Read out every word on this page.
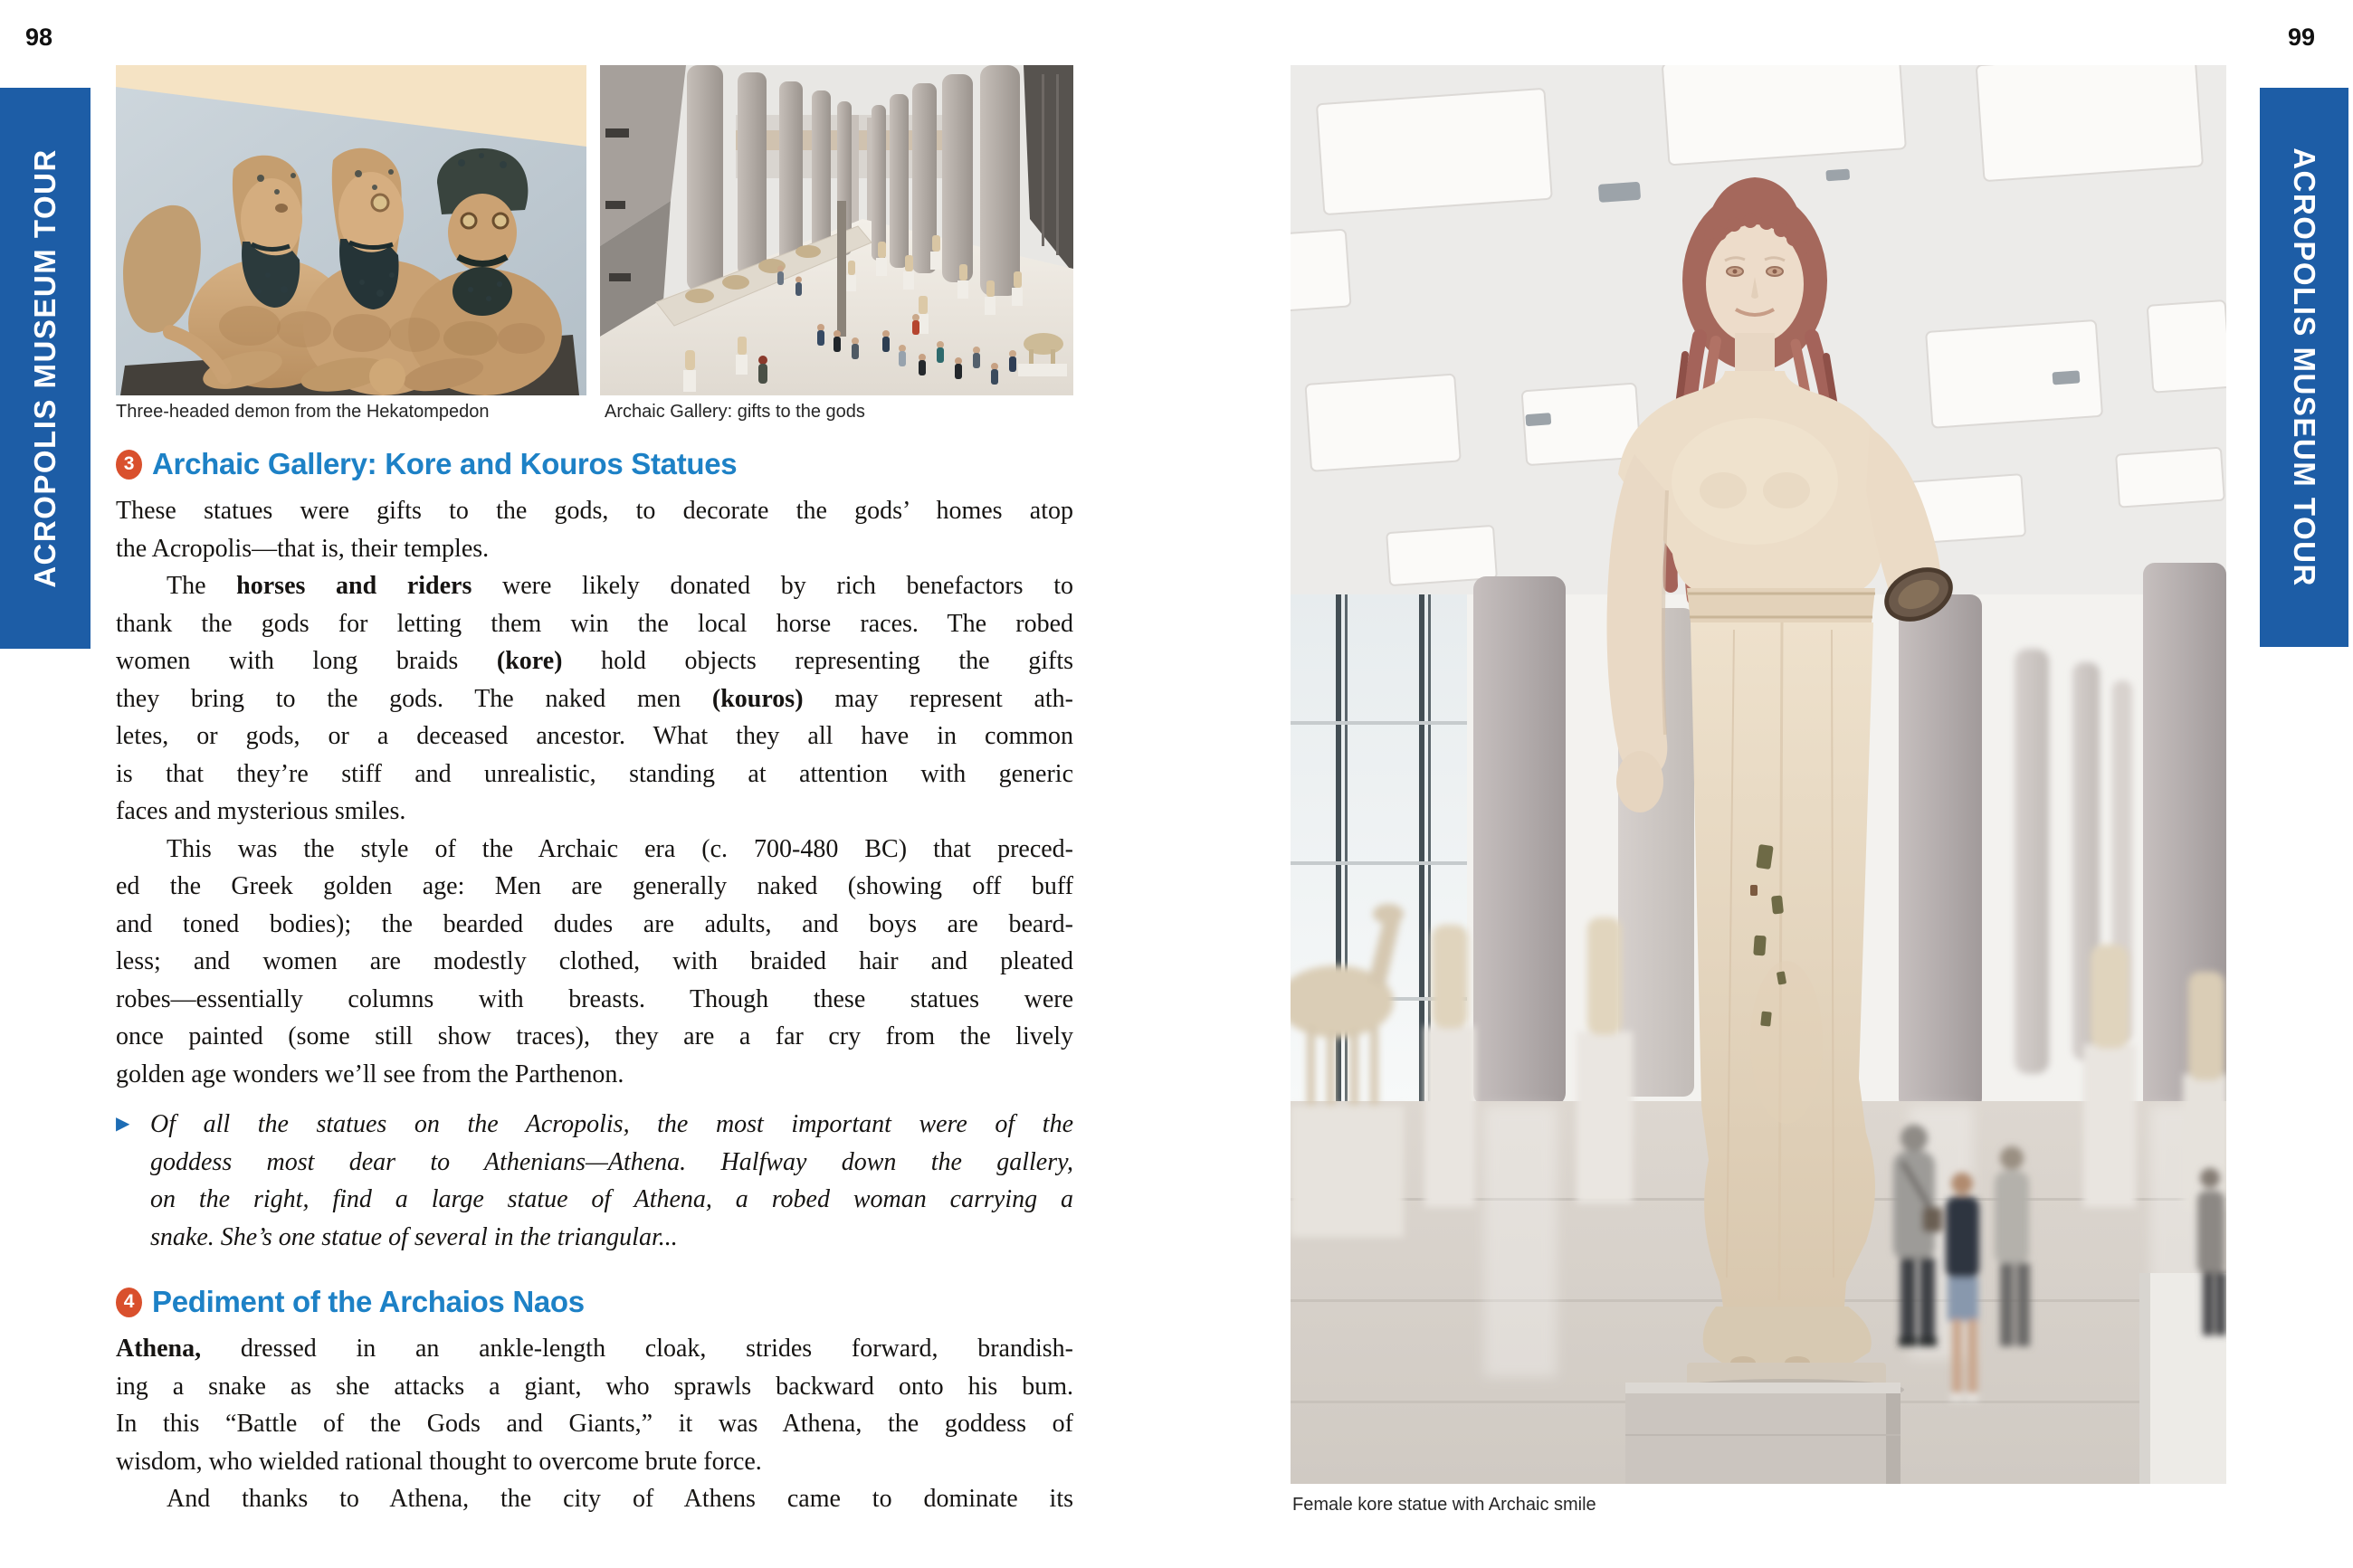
98	99
ACROPOLIS MUSEUM TOUR	ACROPOLIS MUSEUM TOUR
Three-headed demon from the Hekatompedon	Archaic Gallery: gifts to the gods
3 Archaic Gallery: Kore and Kouros Statues
These statues were gifts to the gods, to decorate the gods’ homes atop
the Acropolis—that is, their temples.
The horses and riders were likely donated by rich benefactors to
thank the gods for letting them win the local horse races. The robed
women with long braids (kore) hold objects representing the gifts
they bring to the gods. The naked men (kouros) may represent ath-
letes, or gods, or a deceased ancestor. What they all have in common
is that they’re stiff and unrealistic, standing at attention with generic
faces and mysterious smiles.
This was the style of the Archaic era (c. 700-480 BC) that preced-
ed the Greek golden age: Men are generally naked (showing off buff
and toned bodies); the bearded dudes are adults, and boys are beard-
less; and women are modestly clothed, with braided hair and pleated
robes—essentially columns with breasts. Though these statues were
once painted (some still show traces), they are a far cry from the lively
golden age wonders we’ll see from the Parthenon.
▶ Of all the statues on the Acropolis, the most important were of the
goddess most dear to Athenians—Athena. Halfway down the gallery,
on the right, find a large statue of Athena, a robed woman carrying a
snake. She’s one statue of several in the triangular...
4 Pediment of the Archaios Naos
Athena, dressed in an ankle-length cloak, strides forward, brandish-
ing a snake as she attacks a giant, who sprawls backward onto his bum.
In this “Battle of the Gods and Giants,” it was Athena, the goddess of
wisdom, who wielded rational thought to overcome brute force.
And thanks to Athena, the city of Athens came to dominate its	Female kore statue with Archaic smile
